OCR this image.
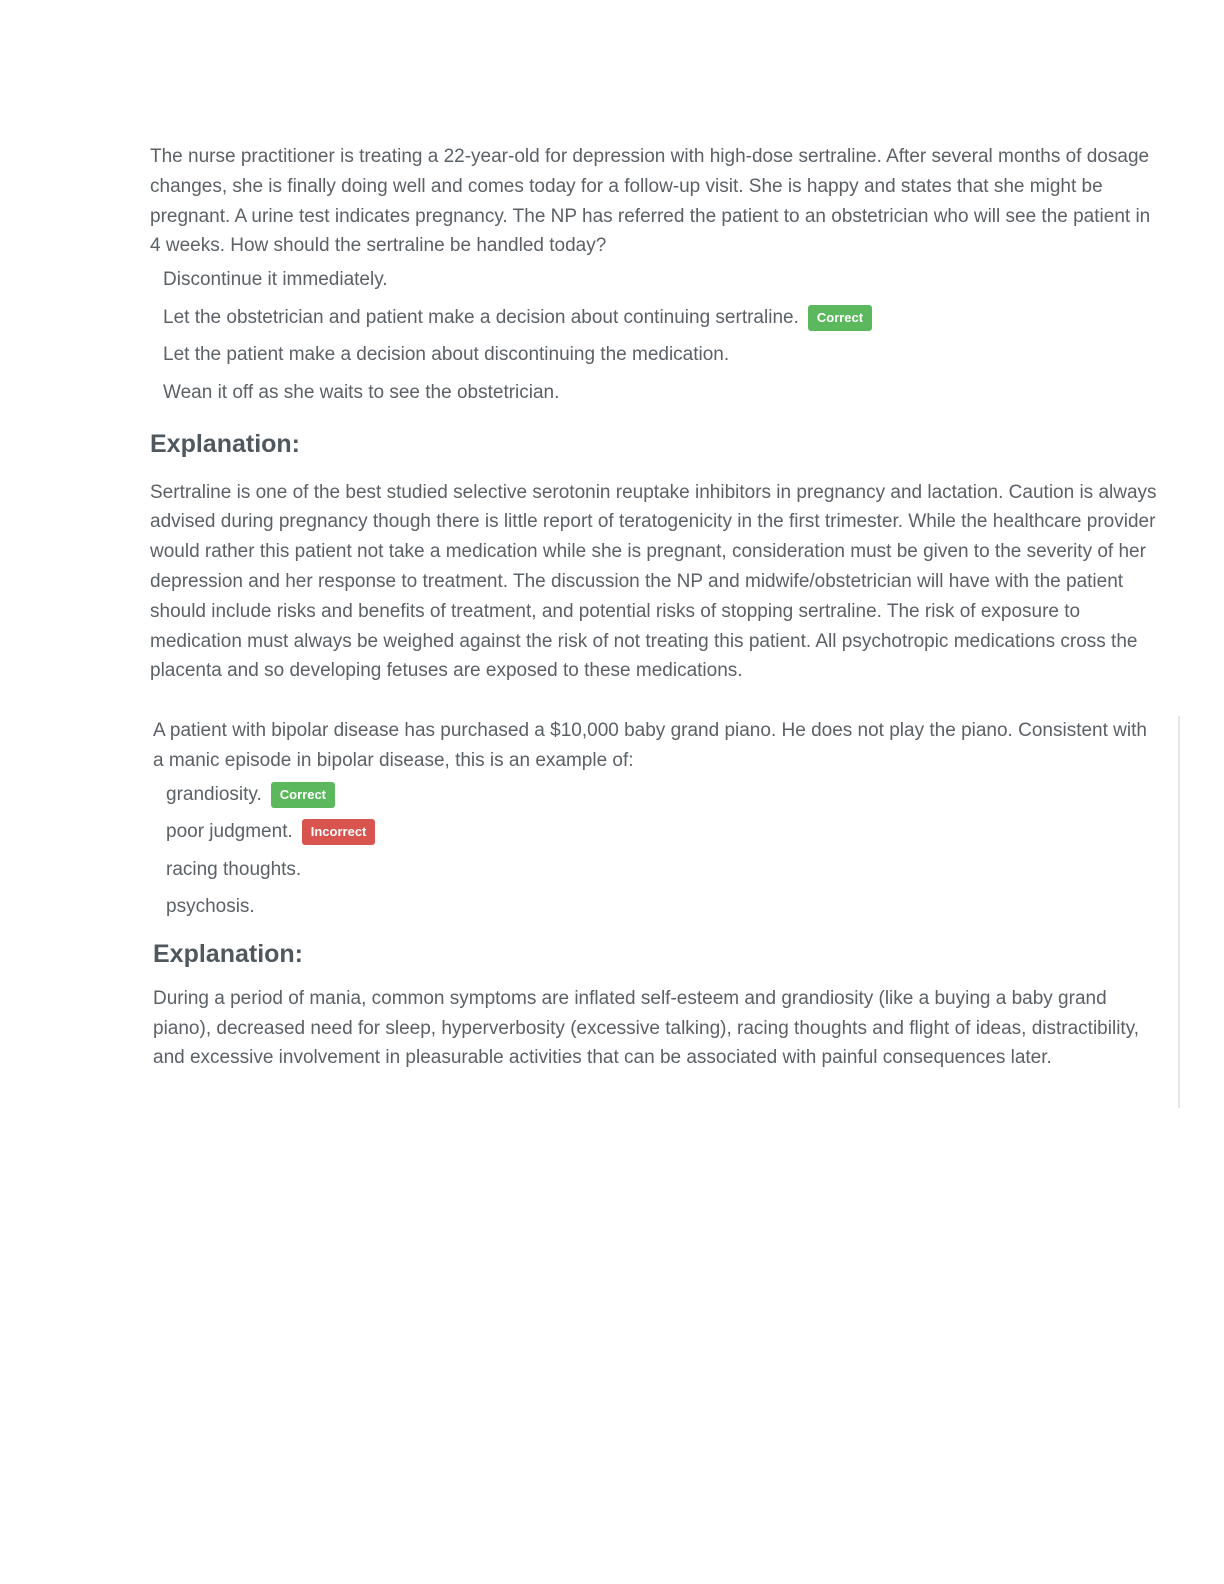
The nurse practitioner is treating a 22-year-old for depression with high-dose sertraline. After several months of dosage changes, she is finally doing well and comes today for a follow-up visit. She is happy and states that she might be pregnant. A urine test indicates pregnancy. The NP has referred the patient to an obstetrician who will see the patient in 4 weeks. How should the sertraline be handled today?

Discontinue it immediately.
Let the obstetrician and patient make a decision about continuing sertraline.	Correct
Let the patient make a decision about discontinuing the medication.
Wean it off as she waits to see the obstetrician.
Explanation:

Sertraline is one of the best studied selective serotonin reuptake inhibitors in pregnancy and lactation. Caution is always advised during pregnancy though there is little report of teratogenicity in the first trimester. While the healthcare provider would rather this patient not take a medication while she is pregnant, consideration must be given to the severity of her depression and her response to treatment. The discussion the NP and midwife/obstetrician will have with the patient should include risks and benefits of treatment, and potential risks of stopping sertraline. The risk of exposure to medication must always be weighed against the risk of not treating this patient. All psychotropic medications cross the placenta and so developing fetuses are exposed to these medications.

A patient with bipolar disease has purchased a $10,000 baby grand piano. He does not play the piano. Consistent with a manic episode in bipolar disease, this is an example of:

grandiosity.	Correct
poor judgment.	Incorrect
racing thoughts.
psychosis.
Explanation:

During a period of mania, common symptoms are inflated self-esteem and grandiosity (like a buying a baby grand piano), decreased need for sleep, hyperverbosity (excessive talking), racing thoughts and flight of ideas, distractibility, and excessive involvement in pleasurable activities that can be associated with painful consequences later.
